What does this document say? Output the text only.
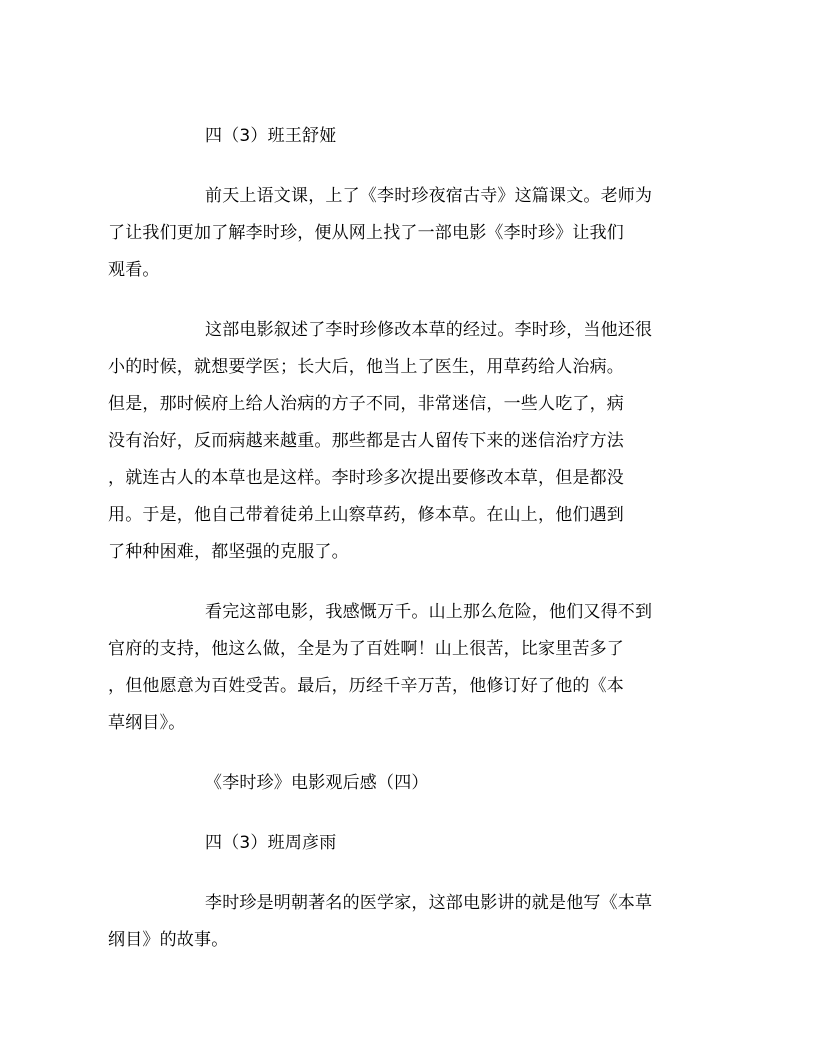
四（3）班王舒娅
前天上语文课，上了《李时珍夜宿古寺》这篇课文。老师为
了让我们更加了解李时珍，便从网上找了一部电影《李时珍》让我们
观看。
这部电影叙述了李时珍修改本草的经过。李时珍，当他还很
小的时候，就想要学医；长大后，他当上了医生，用草药给人治病。
但是，那时候府上给人治病的方子不同，非常迷信，一些人吃了，病
没有治好，反而病越来越重。那些都是古人留传下来的迷信治疗方法
，就连古人的本草也是这样。李时珍多次提出要修改本草，但是都没
用。于是，他自己带着徒弟上山察草药，修本草。在山上，他们遇到
了种种困难，都坚强的克服了。
看完这部电影，我感慨万千。山上那么危险，他们又得不到
官府的支持，他这么做，全是为了百姓啊！山上很苦，比家里苦多了
，但他愿意为百姓受苦。最后，历经千辛万苦，他修订好了他的《本
草纲目》。
《李时珍》电影观后感（四）
四（3）班周彦雨
李时珍是明朝著名的医学家，这部电影讲的就是他写《本草
纲目》的故事。
